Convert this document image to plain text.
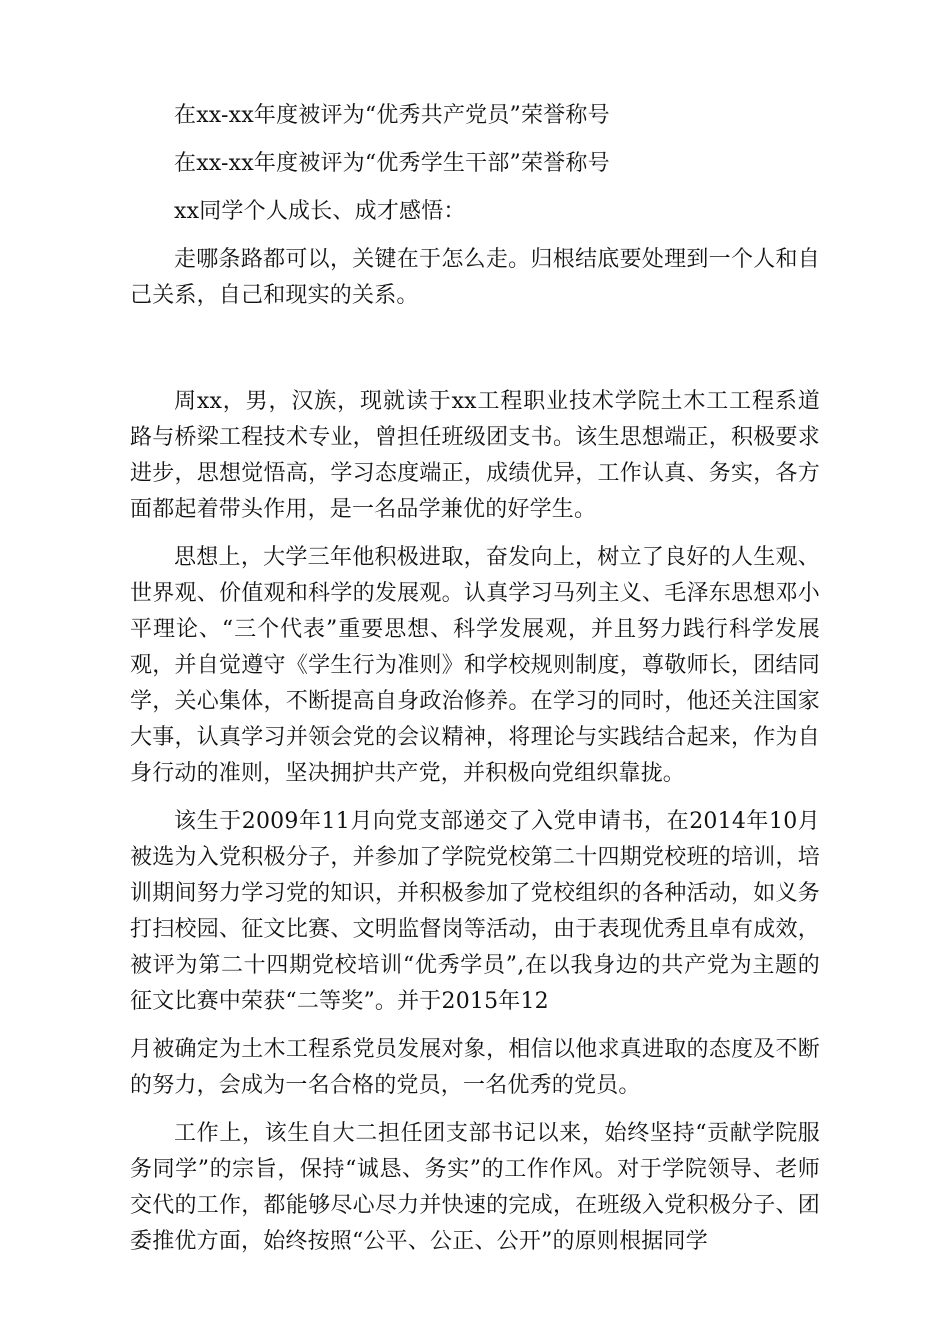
在xx-xx年度被评为“优秀共产党员”荣誉称号

在xx-xx年度被评为“优秀学生干部”荣誉称号

xx同学个人成长、成才感悟：

走哪条路都可以，关键在于怎么走。归根结底要处理到一个人和自己关系，自己和现实的关系。

周xx，男，汉族，现就读于xx工程职业技术学院土木工工程系道路与桥梁工程技术专业，曾担任班级团支书。该生思想端正，积极要求进步，思想觉悟高，学习态度端正，成绩优异，工作认真、务实，各方面都起着带头作用，是一名品学兼优的好学生。

思想上，大学三年他积极进取，奋发向上，树立了良好的人生观、世界观、价值观和科学的发展观。认真学习马列主义、毛泽东思想邓小平理论、“三个代表”重要思想、科学发展观，并且努力践行科学发展观，并自觉遵守《学生行为准则》和学校规则制度，尊敬师长，团结同学，关心集体，不断提高自身政治修养。在学习的同时，他还关注国家大事，认真学习并领会党的会议精神，将理论与实践结合起来，作为自身行动的准则，坚决拥护共产党，并积极向党组织靠拢。

该生于2009年11月向党支部递交了入党申请书，在2014年10月被选为入党积极分子，并参加了学院党校第二十四期党校班的培训，培训期间努力学习党的知识，并积极参加了党校组织的各种活动，如义务打扫校园、征文比赛、文明监督岗等活动，由于表现优秀且卓有成效，被评为第二十四期党校培训“优秀学员”,在以我身边的共产党为主题的征文比赛中荣获“二等奖”。并于2015年12

月被确定为土木工程系党员发展对象，相信以他求真进取的态度及不断的努力，会成为一名合格的党员，一名优秀的党员。

工作上，该生自大二担任团支部书记以来，始终坚持“贡献学院服务同学”的宗旨，保持“诚恳、务实”的工作作风。对于学院领导、老师交代的工作，都能够尽心尽力并快速的完成，在班级入党积极分子、团委推优方面，始终按照“公平、公正、公开”的原则根据同学
